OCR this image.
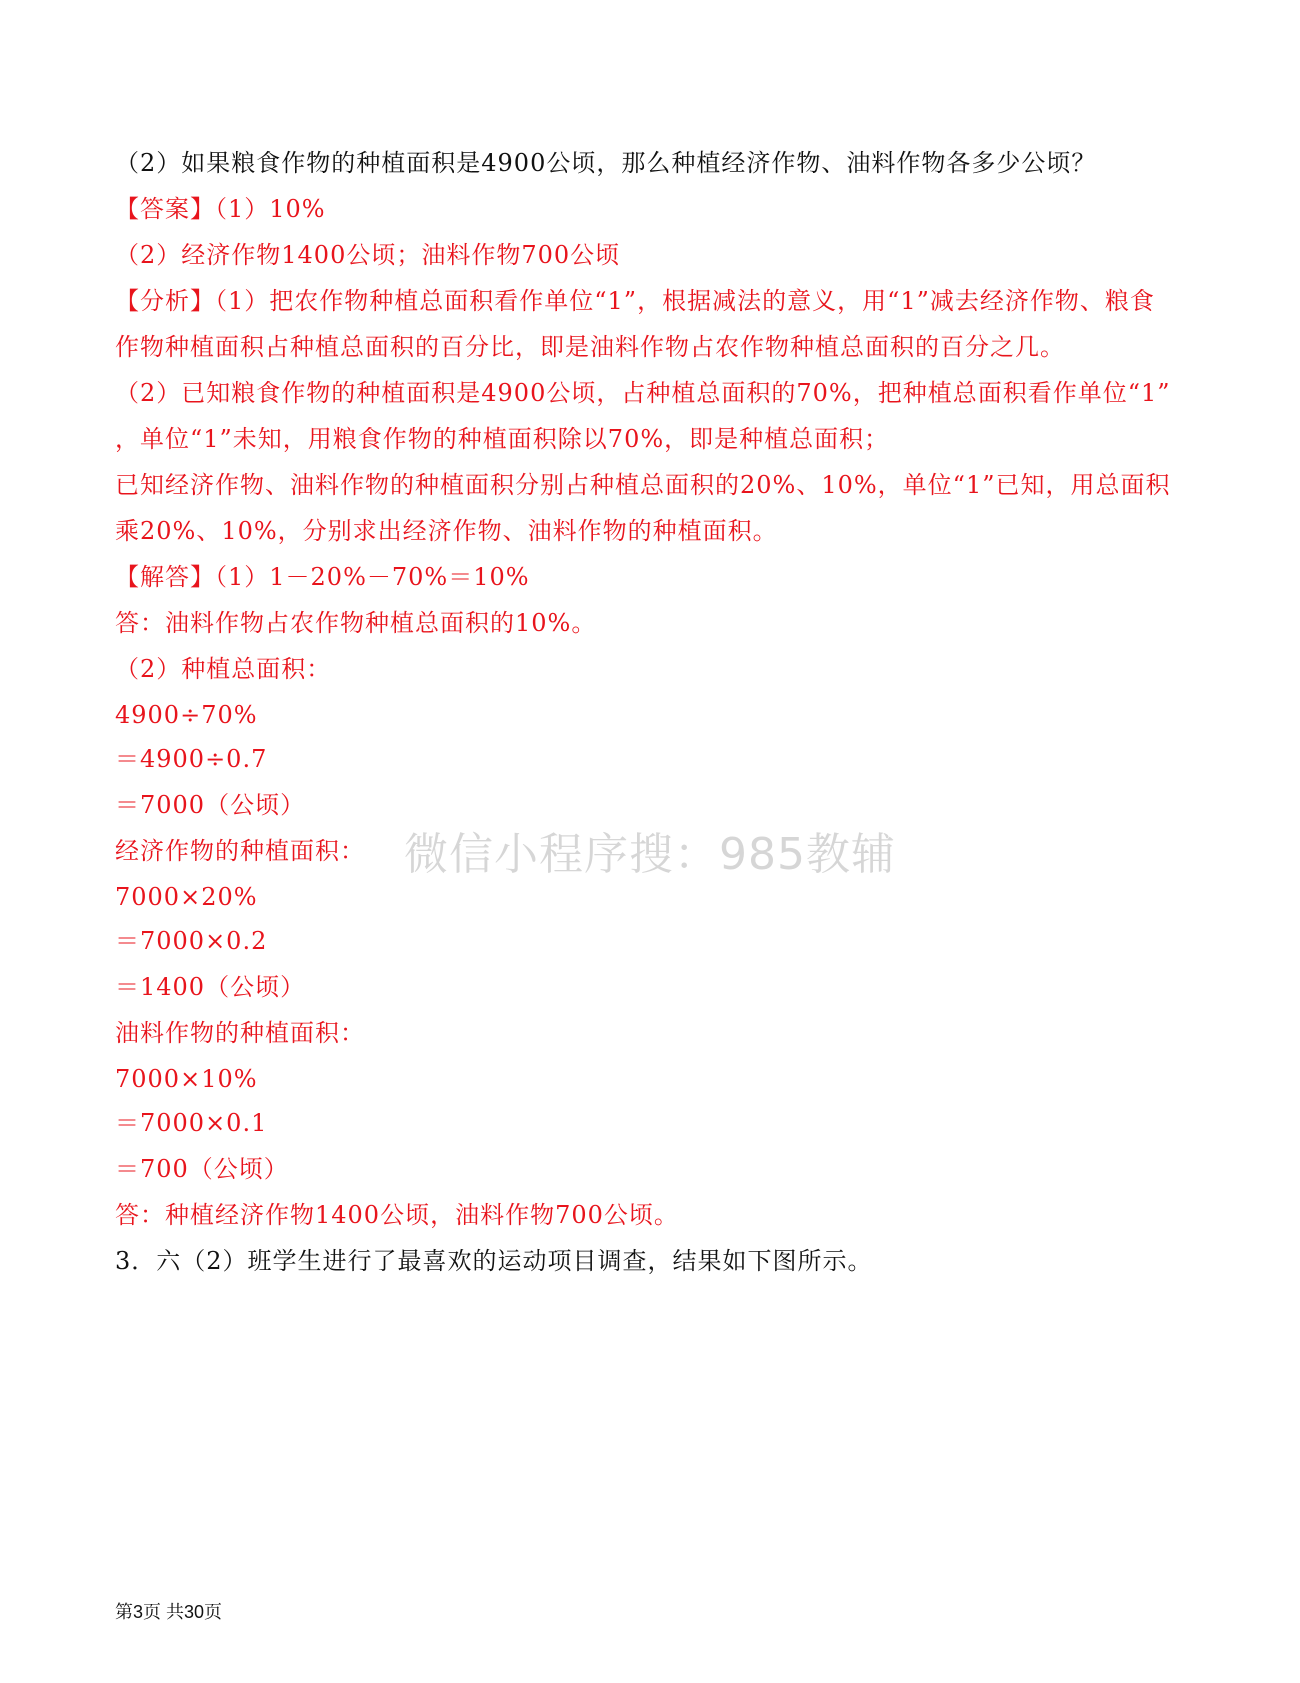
（2）如果粮食作物的种植面积是4900公顷，那么种植经济作物、油料作物各多少公顷？
【答案】（1）10%
（2）经济作物1400公顷；油料作物700公顷
【分析】（1）把农作物种植总面积看作单位“1”，根据减法的意义，用“1”减去经济作物、粮食
作物种植面积占种植总面积的百分比，即是油料作物占农作物种植总面积的百分之几。
（2）已知粮食作物的种植面积是4900公顷，占种植总面积的70%，把种植总面积看作单位“1”
，单位“1”未知，用粮食作物的种植面积除以70%，即是种植总面积；
已知经济作物、油料作物的种植面积分别占种植总面积的20%、10%，单位“1”已知，用总面积
乘20%、10%，分别求出经济作物、油料作物的种植面积。
【解答】（1）1－20%－70%＝10%
答：油料作物占农作物种植总面积的10%。
（2）种植总面积：
4900÷70%
＝4900÷0.7
＝7000（公顷）
经济作物的种植面积：
7000×20%
＝7000×0.2
＝1400（公顷）
油料作物的种植面积：
7000×10%
＝7000×0.1
＝700（公顷）
答：种植经济作物1400公顷，油料作物700公顷。
3．六（2）班学生进行了最喜欢的运动项目调查，结果如下图所示。
微信小程序搜：985教辅
第3页 共30页
